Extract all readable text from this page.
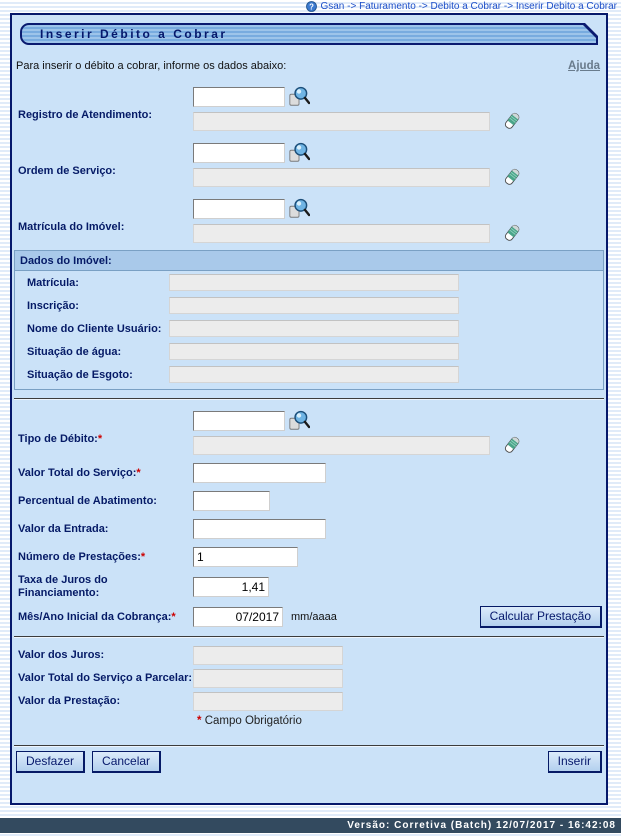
? Gsan -> Faturamento -> Debito a Cobrar -> Inserir Debito a Cobrar
Inserir Débito a Cobrar
Para inserir o débito a cobrar, informe os dados abaixo:	Ajuda
Registro de Atendimento:
Ordem de Serviço:
Matrícula do Imóvel:
Dados do Imóvel:
Matrícula:
Inscrição:
Nome do Cliente Usuário:
Situação de água:
Situação de Esgoto:
Tipo de Débito:*
Valor Total do Serviço:*
Percentual de Abatimento:
Valor da Entrada:
Número de Prestações:*
1
Taxa de Juros do Financiamento:
1,41
Mês/Ano Inicial da Cobrança:*
07/2017	mm/aaaa	Calcular Prestação
Valor dos Juros:
Valor Total do Serviço a Parcelar:
Valor da Prestação:
* Campo Obrigatório
Desfazer	Cancelar	Inserir
Versão: Corretiva (Batch) 12/07/2017 - 16:42:08
